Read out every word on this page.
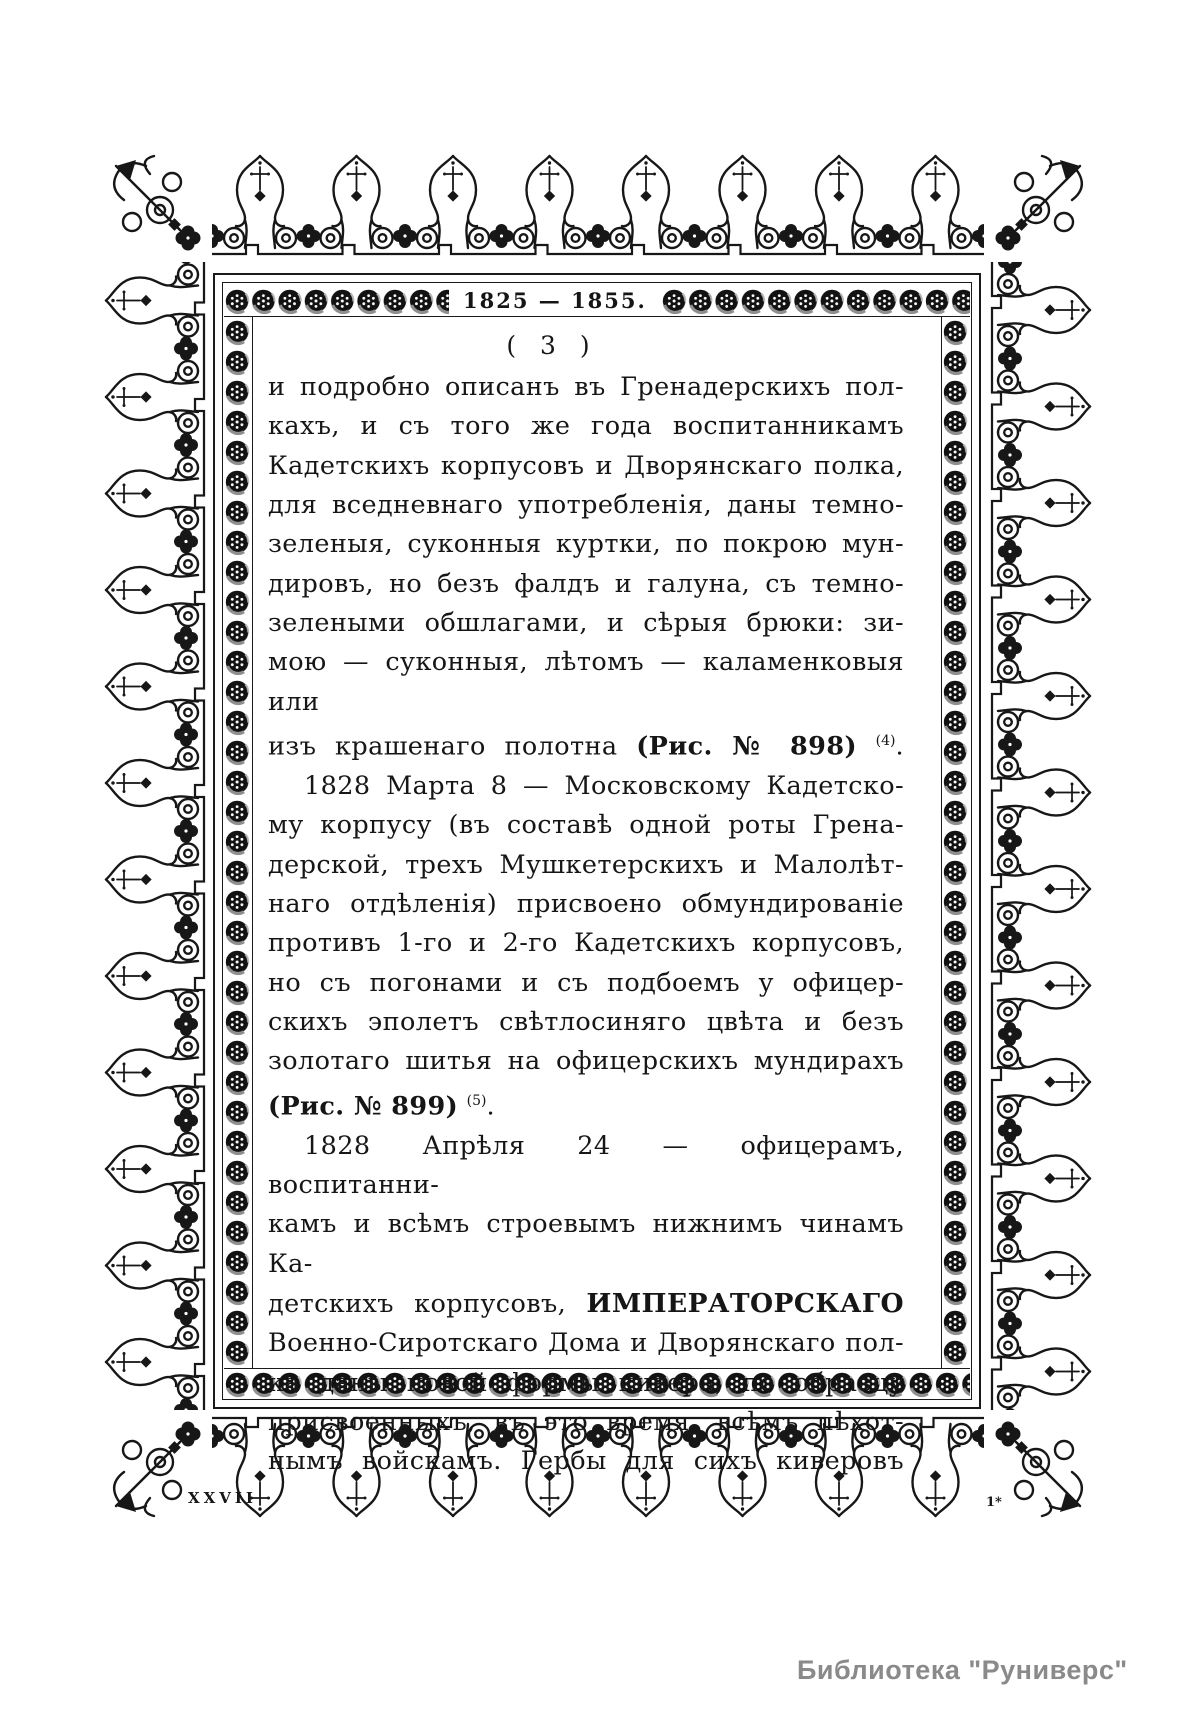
1825 — 1855.
( 3 )
и подробно описанъ въ Гренадерскихъ пол-
кахъ, и съ того же года воспитанникамъ
Кадетскихъ корпусовъ и Дворянскаго полка,
для вседневнаго употребленія, даны темно-
зеленыя, суконныя куртки, по покрою мун-
дировъ, но безъ фалдъ и галуна, съ темно-
зелеными обшлагами, и сѣрыя брюки: зи-
мою — суконныя, лѣтомъ — каламенковыя или
изъ крашенаго полотна (Рис. № 898) $^{(4)}$.
1828 Марта 8 — Московскому Кадетско-
му корпусу (въ составѣ одной роты Грена-
дерской, трехъ Мушкетерскихъ и Малолѣт-
наго отдѣленія) присвоено обмундированіе
противъ 1-го и 2-го Кадетскихъ корпусовъ,
но съ погонами и съ подбоемъ у офицер-
скихъ эполетъ свѣтлосиняго цвѣта и безъ
золотаго шитья на офицерскихъ мундирахъ
(Рис. № 899) $^{(5)}$.
1828 Апрѣля 24 — офицерамъ, воспитанни-
камъ и всѣмъ строевымъ нижнимъ чинамъ Ка-
детскихъ корпусовъ, ИМПЕРАТОРСКАГО
Военно-Сиротскаго Дома и Дворянскаго пол-
ка даны новой формы кивера, по образцу
присвоенныхъ, въ это время, всѣмъ пѣхот-
нымъ войскамъ. Гербы для сихъ киверовъ
XXVII	1*
Библиотека "Руниверс"
